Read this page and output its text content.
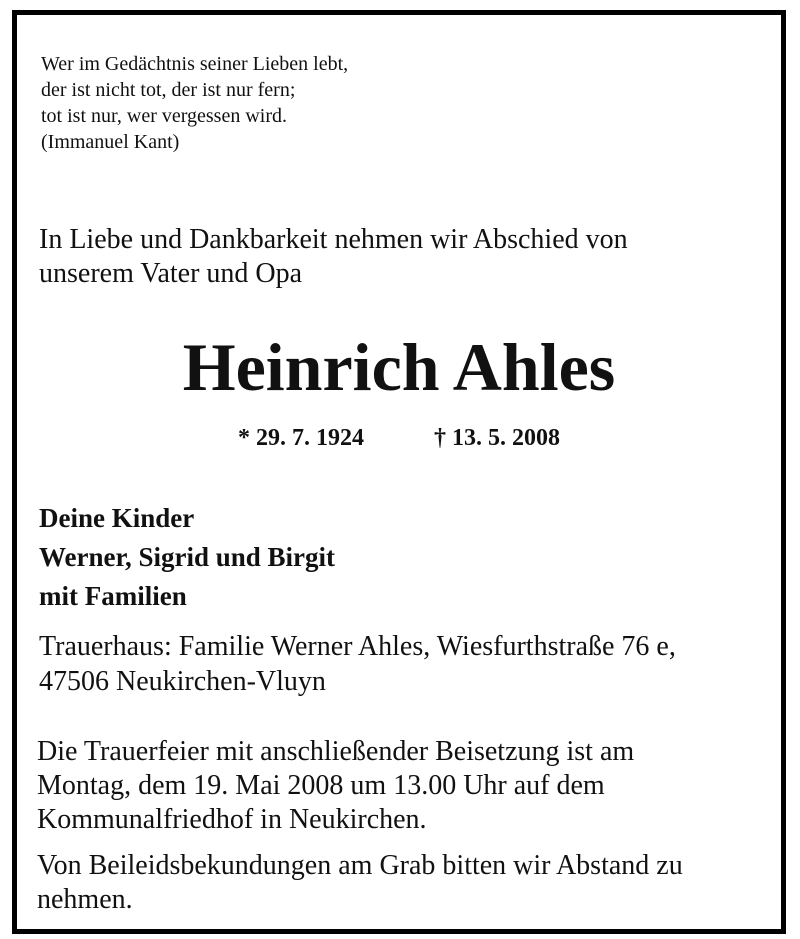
Wer im Gedächtnis seiner Lieben lebt,
der ist nicht tot, der ist nur fern;
tot ist nur, wer vergessen wird.
(Immanuel Kant)
In Liebe und Dankbarkeit nehmen wir Abschied von
unserem Vater und Opa
Heinrich Ahles
* 29. 7. 1924	† 13. 5. 2008
Deine Kinder
Werner, Sigrid und Birgit
mit Familien
Trauerhaus: Familie Werner Ahles, Wiesfurthstraße 76 e,
47506 Neukirchen-Vluyn
Die Trauerfeier mit anschließender Beisetzung ist am
Montag, dem 19. Mai 2008 um 13.00 Uhr auf dem
Kommunalfriedhof in Neukirchen.
Von Beileidsbekundungen am Grab bitten wir Abstand zu
nehmen.
